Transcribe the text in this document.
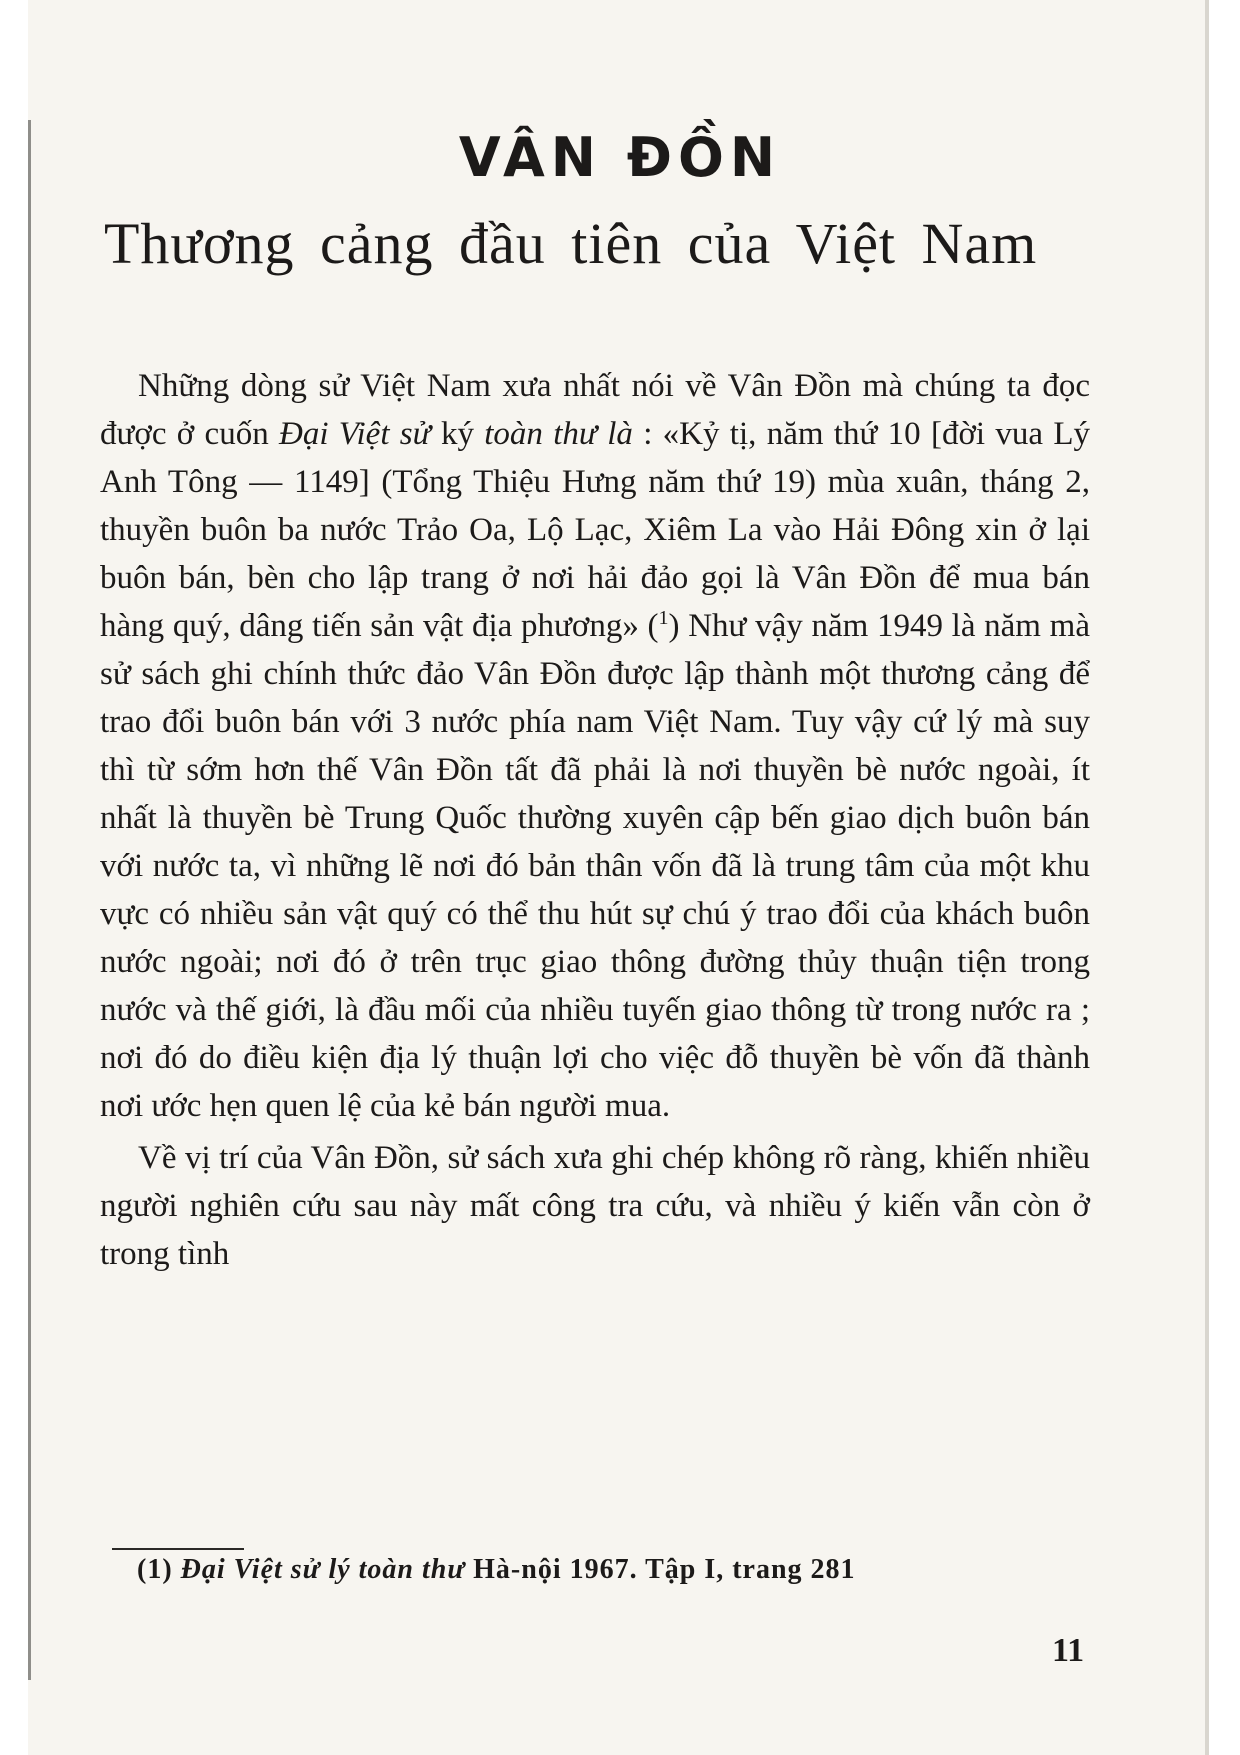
VÂN ĐỒN
Thương cảng đầu tiên của Việt Nam

Những dòng sử Việt Nam xưa nhất nói về Vân Đồn mà chúng ta đọc được ở cuốn Đại Việt sử ký toàn thư là : «Kỷ tị, năm thứ 10 [đời vua Lý Anh Tông — 1149] (Tổng Thiệu Hưng năm thứ 19) mùa xuân, tháng 2, thuyền buôn ba nước Trảo Oa, Lộ Lạc, Xiêm La vào Hải Đông xin ở lại buôn bán, bèn cho lập trang ở nơi hải đảo gọi là Vân Đồn để mua bán hàng quý, dâng tiến sản vật địa phương» ($^1$) Như vậy năm 1949 là năm mà sử sách ghi chính thức đảo Vân Đồn được lập thành một thương cảng để trao đổi buôn bán với 3 nước phía nam Việt Nam. Tuy vậy cứ lý mà suy thì từ sớm hơn thế Vân Đồn tất đã phải là nơi thuyền bè nước ngoài, ít nhất là thuyền bè Trung Quốc thường xuyên cập bến giao dịch buôn bán với nước ta, vì những lẽ nơi đó bản thân vốn đã là trung tâm của một khu vực có nhiều sản vật quý có thể thu hút sự chú ý trao đổi của khách buôn nước ngoài; nơi đó ở trên trục giao thông đường thủy thuận tiện trong nước và thế giới, là đầu mối của nhiều tuyến giao thông từ trong nước ra ; nơi đó do điều kiện địa lý thuận lợi cho việc đỗ thuyền bè vốn đã thành nơi ước hẹn quen lệ của kẻ bán người mua.

Về vị trí của Vân Đồn, sử sách xưa ghi chép không rõ ràng, khiến nhiều người nghiên cứu sau này mất công tra cứu, và nhiều ý kiến vẫn còn ở trong tình

(1) Đại Việt sử lý toàn thư Hà-nội 1967. Tập I, trang 281
11
